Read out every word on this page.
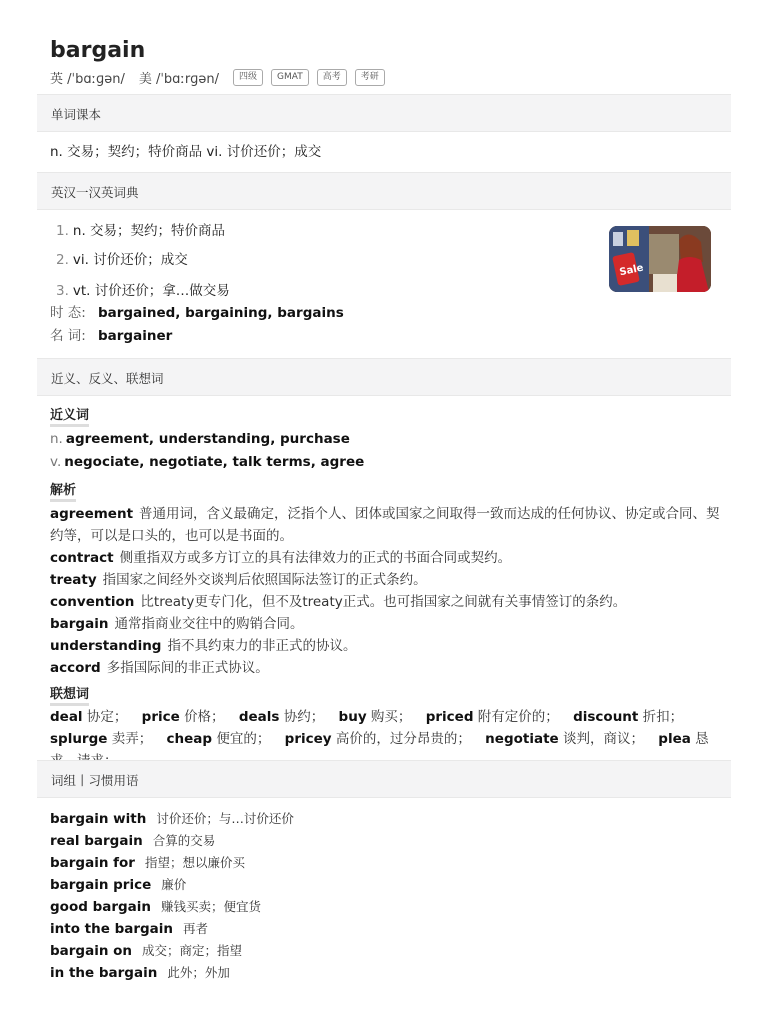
bargain
英 /ˈbɑːɡən/ 美 /ˈbɑːrɡən/	四级	GMAT	高考	考研
单词课本
n. 交易；契约；特价商品 vi. 讨价还价；成交
英汉一汉英词典
1. n. 交易；契约；特价商品
2. vi. 讨价还价；成交
3. vt. 讨价还价；拿…做交易
Sale
时 态: bargained, bargaining, bargains
名 词: bargainer
近义、反义、联想词
近义词
n. agreement, understanding, purchase
v. negociate, negotiate, talk terms, agree
解析
agreement 普通用词，含义最确定，泛指个人、团体或国家之间取得一致而达成的任何协议、协定或合同、契约等，可以是口头的，也可以是书面的。
contract 侧重指双方或多方订立的具有法律效力的正式的书面合同或契约。
treaty 指国家之间经外交谈判后依照国际法签订的正式条约。
convention 比treaty更专门化，但不及treaty正式。也可指国家之间就有关事情签订的条约。
bargain 通常指商业交往中的购销合同。
understanding 指不具约束力的非正式的协议。
accord 多指国际间的非正式协议。
联想词
deal 协定； price 价格； deals 协约； buy 购买； priced 附有定价的； discount 折扣； splurge 卖弄； cheap 便宜的； pricey 高价的，过分昂贵的； negotiate 谈判，商议； plea 恳
词组丨习惯用语
bargain with 讨价还价；与…讨价还价
real bargain 合算的交易
bargain for 指望；想以廉价买
bargain price 廉价
good bargain 赚钱买卖；便宜货
into the bargain 再者
bargain on 成交；商定；指望
in the bargain 此外；外加
